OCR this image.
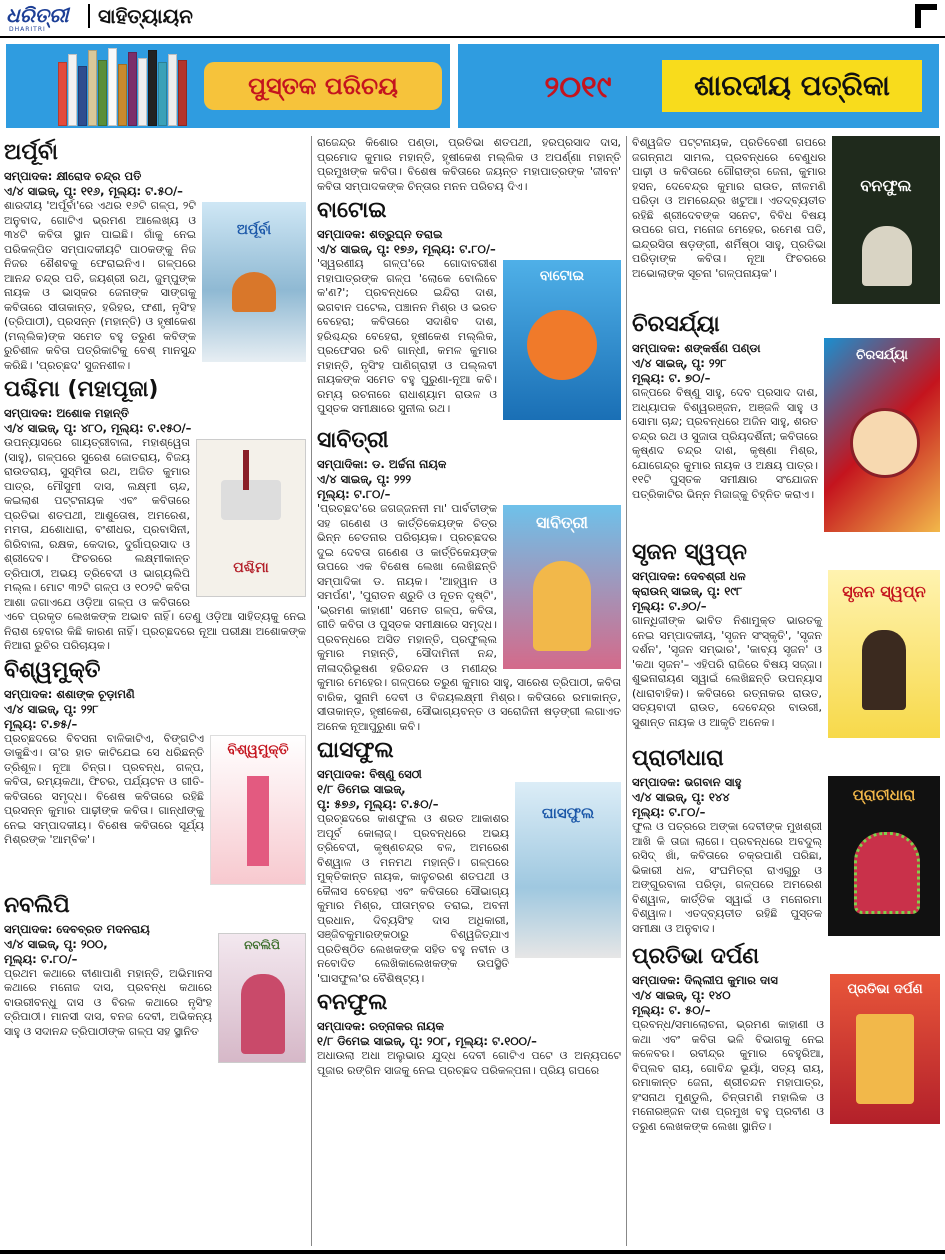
ଧରିତ୍ରୀ
DHARITRI
ସାହିତ୍ୟାୟନ
ପୁସ୍ତକ ପରିଚୟ	୨୦୧୯	ଶାରଦୀୟ ପତ୍ରିକା
ଅର୍ପୂର୍ବା
ସମ୍ପାଦକ: କ୍ଷୀରୋଦ ଚନ୍ଦ୍ର ପତି
ଏ/୪ ସାଇଜ୍, ପୃ: ୧୧୬, ମୂଲ୍ୟ: ଟ.୫୦/–
ଅର୍ପୂର୍ବା
ଶାରଦୀୟ 'ଅର୍ପୂର୍ବା'ରେ ଏଥର ୧୬ଟି ଗଳ୍ପ, ୨ଟି ଅନୁବାଦ, ଗୋଟିଏ ଭ୍ରମଣ ଆଲେଖ୍ୟ ଓ ୩୪ଟି କବିତା ସ୍ଥାନ ପାଇଛି। ଗାଁକୁ ନେଇ ପରିକଳ୍ପିତ ସମ୍ପାଦକୀୟଟି ପାଠକଙ୍କୁ ନିଜ ନିଜର ଶୈଶବକୁ ଫେରାଇନିଏ। ଗଳ୍ପରେ ଆନନ୍ଦ ଚନ୍ଦ୍ର ପତି, ଜୟଶ୍ରୀ ରଥ, ଜୁମ୍ପୁଙ୍କ ନାୟକ ଓ ଭାସ୍କର ଜେନାଙ୍କ ସାଙ୍ଗକୁ କବିତାରେ ସୀତାକାନ୍ତ, ହରିହର, ଫଣୀ, ନୃସିଂହ (ତ୍ରିପାଠୀ), ପ୍ରସନ୍ନ (ମହାନ୍ତି) ଓ ହୃଷୀକେଶ (ମଲ୍ଲିକ)ଙ୍କ ସମେତ ବହୁ ତରୁଣ କବିଙ୍କ ରୁଚିଶୀଳ କବିତା ପତ୍ରିକାଟିକୁ ବେଶ୍ ମାନସୁନ୍ଦ କରିଛି। 'ପ୍ରଚ୍ଛଦ' ସୁଜନଶୀଳ।
ପଶ୍ଚିମା (ମହାପୂଜା)
ସମ୍ପାଦକ: ଅଶୋକ ମହାନ୍ତି
ଏ/୪ ସାଇଜ୍, ପୃ: ୪୮୦, ମୂଲ୍ୟ: ଟ.୧୫୦/–
ପଶ୍ଚିମା
ଉପନ୍ୟାସରେ ଗାୟତ୍ରୀବାଳା, ମହାଶ୍ୱେତା (ସାହୁ), ଗଳ୍ପରେ ସୁରେଶ ଜୋତରାୟ, ବିଜୟ ରାଉତରାୟ, ସୁସ୍ମିତା ରଥ, ଅଜିତ କୁମାର ପାତ୍ର, ମୌସୁମୀ ଦାସ, ଲକ୍ଷ୍ମୀ ଚାନ୍ଦ, କଇଲାଶ ପଟ୍ଟନାୟକ ଏବଂ କବିତାରେ ପ୍ରତିଭା ଶତପଥୀ, ଆଶୁତୋଷ, ଅମରେଶ, ମମତା, ଯଶୋଧାରା, ବଂଶୀଧର, ପ୍ରବାସିନୀ, ଗିରିବାଳା, ରକ୍ଷକ, କେଦାର, ଦୁର୍ଗାପ୍ରସାଦ ଓ ଶ୍ରୀଦେବ। ଫିଚରରେ ଲକ୍ଷ୍ମୀକାନ୍ତ ତ୍ରିପାଠୀ, ଅଭୟ ତ୍ରିବେଦୀ ଓ ଭାଗ୍ୟଲିପି ମଲ୍ଲ। ମୋଟ ୩୨ଟି ଗଳ୍ପ ଓ ୧୦୨ଟି କବିତା ଆଶା ଜଗାଏଯେ ଓଡ଼ିଆ ଗଳ୍ପ ଓ କବିତାରେ ଏବେ ପ୍ରକୃତ ଲେଖକଙ୍କ ଅଭାବ ନାହିଁ। ତେଣୁ ଓଡ଼ିଆ ସାହିତ୍ୟକୁ ନେଇ ନିରାଶ ହେବାର କିଛି କାରଣ ନାହିଁ। ପ୍ରଚ୍ଛଦରେ ନୂଆ ପରୀକ୍ଷା ଅଶୋକଙ୍କ ନିଆରା ରୁଚିର ପରିଚାୟକ।
ବିଶ୍ୱମୁକ୍ତି
ସମ୍ପାଦକ: ଶଶାଙ୍କ ଚୂଡ଼ାମଣି
ଏ/୪ ସାଇଜ୍, ପୃ: ୨୨୮
ମୂଲ୍ୟ: ଟ.୭୫/–
ବିଶ୍ୱମୁକ୍ତି
ପ୍ରଚ୍ଛଦରେ ବିବସନା ବାଳିକାଟିଏ, ବିଙ୍ଗଟିଏ ଡାକୁଛିଏ। ତା'ର ହାତ କାଟିଯେଇ ସେ ଧରିଛନ୍ତି ତ୍ରିଶୂଳ। ନୂଆ ଚିନ୍ତା। ପ୍ରବନ୍ଧ, ଗଳ୍ପ, କବିତା, ରମ୍ୟକଥା, ଫିଚର, ପର୍ଯ୍ୟଟନ ଓ ଗୀତି-କବିତାରେ ସମୃଦ୍ଧ। ବିଶେଷ କବିତାରେ ରହିଛି ପ୍ରସନ୍ନ କୁମାର ପାଢ଼ୀଙ୍କ କବିତା। ଗାନ୍ଧୀଙ୍କୁ ନେଇ ସମ୍ପାଦକୀୟ। ବିଶେଷ କବିତାରେ ସୂର୍ଯ୍ୟ ମିଶ୍ରଙ୍କ 'ଆମ୍ବିକ'।
ନବଲିପି
ସମ୍ପାଦକ: ଦେବବ୍ରତ ମଦନରାୟ
ଏ/୪ ସାଇଜ୍, ପୃ: ୨୦୦,
ମୂଲ୍ୟ: ଟ.୮୦/–
ନବଲିପି
ପ୍ରଥମ କଥାରେ ବୀଣାପାଣି ମହାନ୍ତି, ଅଭିମାନସ କଥାରେ ମନୋଜ ଦାସ, ପ୍ରବନ୍ଧ କଥାରେ ବାଉରୀବନ୍ଧୁ ଦାସ ଓ ବିରଳ କଥାରେ ନୃସିଂହ ତ୍ରିପାଠୀ। ମାନସୀ ଦାସ, ବନଜ ଦେବୀ, ଅଭିକନ୍ୟ ସାହୁ ଓ ସଦାନନ୍ଦ ତ୍ରିପାଠୀଙ୍କ ଗଳ୍ପ ସହ ସ୍ଥାନିତ
ରାଜେନ୍ଦ୍ର କିଶୋର ପଣ୍ଡା, ପ୍ରତିଭା ଶତପଥୀ, ହରପ୍ରସାଦ ଦାସ, ପ୍ରମୋଦ କୁମାର ମହାନ୍ତି, ହୃଷୀକେଶ ମଲ୍ଲିକ ଓ ଅପର୍ଣ୍ଣା ମହାନ୍ତି ପ୍ରମୁଖଙ୍କ କବିତା। ବିଶେଷ କବିତାରେ ଜୟନ୍ତ ମହାପାତ୍ରଙ୍କ 'ଜୀବନ' କବିତା ସମ୍ପାଦକଙ୍କ ଚିନ୍ତାର ମନନ ପରିଚୟ ଦିଏ।
ବାଟୋଇ
ସମ୍ପାଦକ: ଶତ୍ରୁଘ୍ନ ତରାଇ
ଏ/୪ ସାଇଜ୍, ପୃ: ୧୭୬, ମୂଲ୍ୟ: ଟ.୮୦/–
ବାଟୋଇ
'ସ୍ୱରଣୀୟ ଗଳ୍ପ'ରେ ଗୋଦାବରୀଶ ମହାପାତ୍ରଙ୍କ ଗଳ୍ପ 'ଲୋକେ ବୋଲିବେ କ'ଣ?'; ପ୍ରବନ୍ଧରେ ଇନ୍ଦିରା ଦାଶ, ଭଗବାନ ପଟେଲ, ପଞ୍ଚାନନ ମିଶ୍ର ଓ ଭରତ ବେହେରା; କବିତାରେ ସଦାଶିବ ଦାଶ, ହରିଶ୍ଚନ୍ଦ୍ର ବେହେରା, ହୃଷୀକେଶ ମଲ୍ଲିକ, ପ୍ରଫେସର ରବି ଗାନ୍ଧୀ, କମଳ କୁମାର ମହାନ୍ତି, ନୃସିଂହ ପାଣିଗ୍ରାହୀ ଓ ପଲ୍ଲବୀ ନାୟକଙ୍କ ସମେତ ବହୁ ପୁରୁଣା-ନୂଆ କବି। ରମ୍ୟ ରଚନାରେ ରାଧାଶ୍ୟାମ ରାଉଳ ଓ ପୁସ୍ତକ ସମୀକ୍ଷାରେ ସୁନୀଲ ରଥ।
ସାବିତ୍ରୀ
ସମ୍ପାଦିକା: ଡ. ଅର୍ଚ୍ଚନା ନାୟକ
ଏ/୪ ସାଇଜ୍, ପୃ: ୨୨୨
ମୂଲ୍ୟ: ଟ.୮୦/–
ସାବିତ୍ରୀ
'ପ୍ରଚ୍ଛଦ'ରେ ଜଗଜ୍ଜନନୀ ମା' ପାର୍ବତୀଙ୍କ ସହ ଗଣେଶ ଓ କାର୍ତ୍ତିକେୟଙ୍କ ଚିତ୍ର ଭିନ୍ନ ଚେତନାର ପରିଚାୟକ। ପ୍ରଚ୍ଛଦର ଦୁଇ ଦେବତା ଗଣେଶ ଓ କାର୍ତ୍ତିକେୟଙ୍କ ଉପରେ ଏକ ବିଶେଷ ଲେଖା ଲେଖିଛନ୍ତି ସମ୍ପାଦିକା ଡ. ନାୟକ। 'ଆହ୍ୱାନ ଓ ସମର୍ପଣ', 'ପୁରାତନ ଶ୍ରୁତି ଓ ନୂତନ ଦୃଷ୍ଟି', 'ଭ୍ରମଣ କାହାଣୀ' ସମେତ ଗଳ୍ପ, କବିତା, ଗୀତି କବିତା ଓ ପୁସ୍ତକ ସମୀକ୍ଷାରେ ସମୃଦ୍ଧ। ପ୍ରବନ୍ଧରେ ଅସିତ ମହାନ୍ତି, ପ୍ରଫୁଲ୍ଲ କୁମାର ମହାନ୍ତି, ସୌଦାମିନୀ ନନ୍ଦ, ନୀଳାଦ୍ରିଭୂଷଣ ହରିଚନ୍ଦନ ଓ ମଣୀନ୍ଦ୍ର କୁମାର ମେହେର। ଗଳ୍ପରେ ତରୁଣ କୁମାର ସାହୁ, ସାରେଶ ତ୍ରିପାଠୀ, କବିତା ବାରିକ, ସୁନାମି ଦେବୀ ଓ ବିଜୟଲକ୍ଷ୍ମୀ ମିଶ୍ର। କବିତାରେ ରମାକାନ୍ତ, ସୀତାକାନ୍ତ, ହୃଷୀକେଶ, ସୌଭାଗ୍ୟବନ୍ତ ଓ ସରୋଜିନୀ ଷଡ଼ଙ୍ଗୀ ଲଗାଏତ ଅନେକ ନୂଆପୁରୁଣା କବି।
ଘାସଫୁଲ
ସମ୍ପାଦକ: ବିଷ୍ଣୁ ସେଠୀ
୧/୮ ଡିମେଇ ସାଇଜ୍,
ପୃ: ୫୭୬, ମୂଲ୍ୟ: ଟ.୫୦/–	ଘାସଫୁଲ
ପ୍ରଚ୍ଛଦରେ କାଶଫୁଲ ଓ ଶରତ ଆକାଶର ଅପୂର୍ବ କୋଲାଜ୍। ପ୍ରବନ୍ଧରେ ଅଭୟ ତ୍ରିବେଦୀ, କୃଷ୍ଣଚନ୍ଦ୍ର ବଳ, ଅମରେଶ ବିଶ୍ୱାଳ ଓ ମନମଥ ମହାନ୍ତି। ଗଳ୍ପରେ ମୁକ୍ତିକାନ୍ତ ନାୟକ, କାଳୁଚରଣ ଶତପଥୀ ଓ କୈଳାସ ବେହେରା ଏବଂ କବିତାରେ ସୌଭାଗ୍ୟ କୁମାର ମିଶ୍ର, ପୀତାମ୍ବର ତରାଇ, ଅବନୀ ପ୍ରଧାନ, ଦିବ୍ୟସିଂହ ଦାସ ଅଧିକାରୀ, ସଞ୍ଜିବକୁମାରଙ୍କଠାରୁ ବିଶ୍ୱଜିତ୍‌ଯାଏ ପ୍ରତିଷ୍ଠିତ ଲେଖକଙ୍କ ସହିତ ବହୁ ନବୀନ ଓ ନବୋଦିତ ଲେଖିକାଲେଖକଙ୍କ ଉପସ୍ଥିତି 'ଘାସଫୁଲ'ର ବୈଶିଷ୍ଟ୍ୟ।
ବନଫୁଲ
ସମ୍ପାଦକ: ରତ୍ନାକର ନାୟକ
୧/୮ ଡିମେଇ ସାଇଜ୍, ପୃ: ୨୦୮, ମୂଲ୍ୟ: ଟ.୧୦୦/–
ଅଧାଉଲା ଅଧା ଅଲୁଭାର ଯୁଦ୍ଧ ଦେବୀ ଗୋଟିଏ ପଟେ ଓ ଅନ୍ୟପଟେ ପୂଜାର ରଙ୍ଗିନ ସାଜକୁ ନେଇ ପ୍ରଚ୍ଛଦ ପରିକଳ୍ପନା। ପ୍ରିୟ ଗପରେ
ବନଫୁଲ
ବିଶ୍ୱଜିତ ପଟ୍ଟନାୟକ, ପ୍ରତିବେଶୀ ଗପରେ ଜଗନ୍ନାଥ ସାମଲ, ପ୍ରବନ୍ଧରେ ବେଣୁଧର ପାଢ଼ୀ ଓ କବିତାରେ ଗୌରାଙ୍ଗ ଜେନା, କୁମାର ହସନ, ଦେବେନ୍ଦ୍ର କୁମାର ରାଉତ, ନୀଳମଣି ପରିଡ଼ା ଓ ଅମରେନ୍ଦ୍ର ଖଟୁଆ। ଏତଦ୍‌ବ୍ୟତୀତ ରହିଛି ଶ୍ରୀଦେବଙ୍କ ସନେଟ, ବିବିଧ ବିଷୟ ଉପରେ ଗପ, ମନୋଜ ମେହେର, ରମେଶ ପତି, ଇନ୍ଦ୍ରସିତା ଷଡ଼ଙ୍ଗୀ, ଶର୍ମିଷ୍ଠା ସାହୁ, ପ୍ରତିଭା ପରିଡ଼ାଙ୍କ କବିତା। ନୂଆ ଫିଚରରେ ଅଭୋଲାଙ୍କ ସୂଚନା 'ଗଳ୍ପନାୟକ'।
ଚିରସର୍ଯ୍ୟା
ସମ୍ପାଦକ: ଶଙ୍କର୍ଷଣ ପଣ୍ଡା
ଏ/୪ ସାଇଜ୍, ପୃ: ୨୨୮
ମୂଲ୍ୟ: ଟ. ୭୦/–
ଚିରସର୍ଯ୍ୟା
ଗଳ୍ପରେ ବିଷ୍ଣୁ ସାହୁ, ଦେବ ପ୍ରସାଦ ଦାଶ, ଅଧ୍ୟାପକ ବିଶ୍ୱରଞ୍ଜନ, ଅଞ୍ଜଳି ସାହୁ ଓ ସୋମା ଚାନ୍ଦ; ପ୍ରବନ୍ଧରେ ଅଜିନ ସାହୁ, ଶରତ ଚନ୍ଦ୍ର ରଥ ଓ ସୁଜାତା ପ୍ରିୟଦର୍ଶିନୀ; କବିତାରେ କୃଷ୍ଣଦ ଚନ୍ଦ୍ର ଦାଶ, କୃଷ୍ଣା ମିଶ୍ର, ଯୋଗେନ୍ଦ୍ର କୁମାର ନାୟକ ଓ ଅକ୍ଷୟ ପାତ୍ର। ୧୧ଟି ପୁସ୍ତକ ସମୀକ୍ଷାର ସଂଯୋଜନ ପତ୍ରିକାଟିର ଭିନ୍ନ ମିଜାଜ୍‌କୁ ଚିହ୍ନିତ କରାଏ।
ସୃଜନ ସ୍ୱପ୍ନ
ସମ୍ପାଦକ: ଦେବଶ୍ରୀ ଧଳ
କ୍ରାଉନ୍ ସାଇଜ୍, ପୃ: ୧୯୮
ମୂଲ୍ୟ: ଟ.୬୦/–
ସୃଜନ ସ୍ୱପ୍ନ
ଗାନ୍ଧିଜୀଙ୍କ ଭାବିତ ନିଶାମୁକ୍ତ ଭାରତକୁ ନେଇ ସମ୍ପାଦକୀୟ, 'ସୃଜନ ସଂସ୍କୃତି', 'ସୃଜନ ଦର୍ଶନ', 'ସୃଜନ ସମ୍ଭାର', 'କାବ୍ୟ ସୃଜନ' ଓ 'କଥା ସୃଜନ'– ଏହିପରି ରାଜିରେ ବିଷୟ ସଜ୍ଜା। ଶୁଭନାରାୟଣ ସ୍ୱାଇଁ ଲେଖିଛନ୍ତି ଉପନ୍ୟାସ (ଧାରାବାହିକ)। କବିତାରେ ରତ୍ନାକର ରାଉତ, ସତ୍ୟବାଦୀ ରାଉତ, ଦେବେନ୍ଦ୍ର ବାଉରୀ, ସୁଶାନ୍ତ ନାୟକ ଓ ଆକୃତି ଅନେକ।
ପ୍ରାଚୀଧାରା
ସମ୍ପାଦକ: ଭଗବାନ ସାହୁ
ଏ/୪ ସାଇଜ୍, ପୃ: ୧୪୪
ମୂଲ୍ୟ: ଟ.୮୦/–
ପ୍ରାଚୀଧାରା
ଫୁଲ ଓ ପତ୍ରରେ ଅଙ୍କା ଦେବୀଙ୍କ ମୁଖଶ୍ରୀ ଆଖି କି ତାଜା ଲାଗେ। ପ୍ରବନ୍ଧରେ ଅବଦୁଲ୍ ରସିଦ୍ ଖାଁ, କବିତାରେ ଚକ୍ରପାଣି ପରିଛା, ଭିକାରୀ ଧଳ, ସଂଘମିତ୍ରା ରାଏଗୁରୁ ଓ ଅଙ୍ଗୁରବାଳା ପରିଡ଼ା, ଗଳ୍ପରେ ଅମରେଶ ବିଶ୍ୱାଳ, କାର୍ତ୍ତିକ ସ୍ୱାଇଁ ଓ ମନୋରମା ବିଶ୍ୱାଳ। ଏତଦ୍‌ବ୍ୟତୀତ ରହିଛି ପୁସ୍ତକ ସମୀକ୍ଷା ଓ ଅନୁବାଦ।
ପ୍ରତିଭା ଦର୍ପଣ
ସମ୍ପାଦକ: ଦିଲ୍ଲୀପ କୁମାର ଦାସ
ଏ/୪ ସାଇଜ୍, ପୃ: ୧୪୦
ମୂଲ୍ୟ: ଟ. ୫୦/–
ପ୍ରତିଭା ଦର୍ପଣ
ପ୍ରବନ୍ଧ/ସମାଲୋଚନା, ଭ୍ରମଣ କାହାଣୀ ଓ କଥା ଏବଂ କବିତା ଭଳି ବିଭାଗକୁ ନେଇ କଳେବର। ରବୀନ୍ଦ୍ର କୁମାର ବେହୁରିଆ, ବିପ୍ଲବ ରାୟ, ଗୋବିନ୍ଦ ଭୂୟାଁ, ସତ୍ୟ ରାୟ, ରମାକାନ୍ତ ଜେନା, ଶ୍ରୀଚନ୍ଦନ ମହାପାତ୍ର, ହଂସନାଥ ମୁଣ୍ଡୁଲି, ଚିନ୍ତାମଣି ମହାଲିକ ଓ ମନୋରଞ୍ଜନ ଦାଶ ପ୍ରମୁଖ ବହୁ ପ୍ରବୀଣ ଓ ତରୁଣ ଲେଖକଙ୍କ ଲେଖା ସ୍ଥାନିତ।
